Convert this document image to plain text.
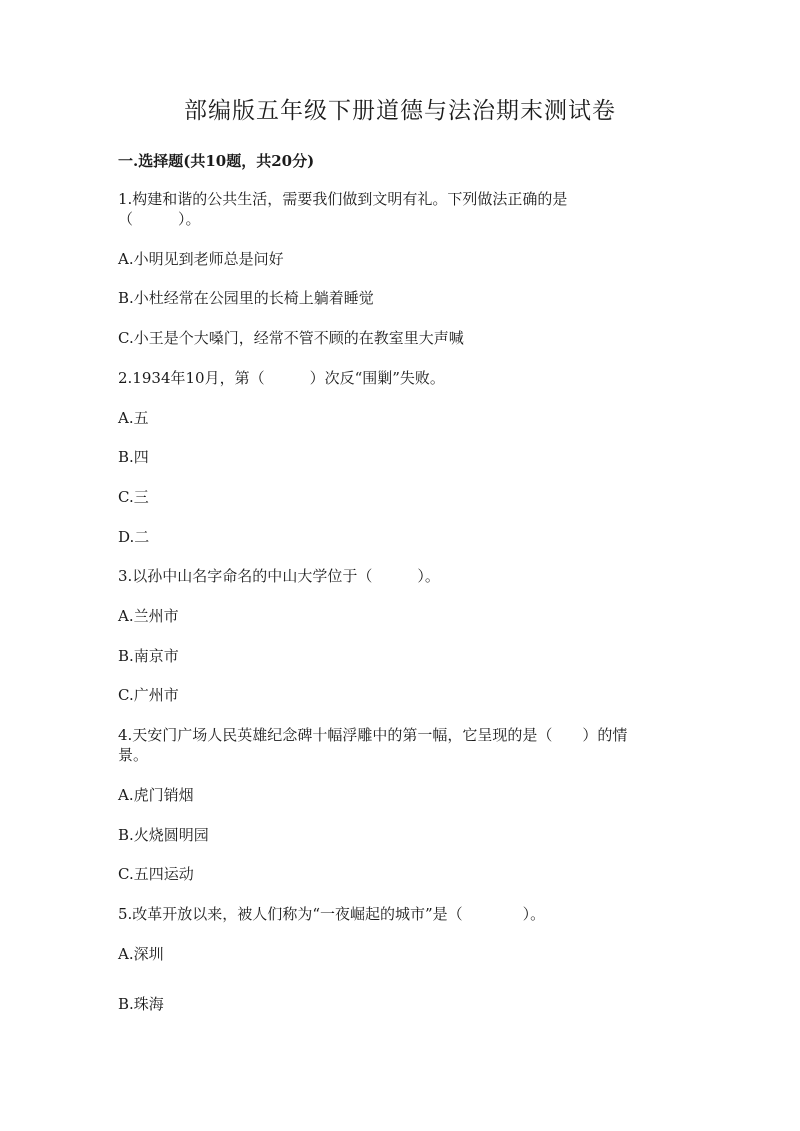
部编版五年级下册道德与法治期末测试卷
一.选择题(共10题，共20分)
1.构建和谐的公共生活，需要我们做到文明有礼。下列做法正确的是
（　　　）。
A.小明见到老师总是问好
B.小杜经常在公园里的长椅上躺着睡觉
C.小王是个大嗓门，经常不管不顾的在教室里大声喊
2.1934年10月，第（　　　）次反“围剿”失败。
A.五
B.四
C.三
D.二
3.以孙中山名字命名的中山大学位于（　　　）。
A.兰州市
B.南京市
C.广州市
4.天安门广场人民英雄纪念碑十幅浮雕中的第一幅，它呈现的是（　　）的情
景。
A.虎门销烟
B.火烧圆明园
C.五四运动
5.改革开放以来，被人们称为“一夜崛起的城市”是（　　　　）。
A.深圳
B.珠海
